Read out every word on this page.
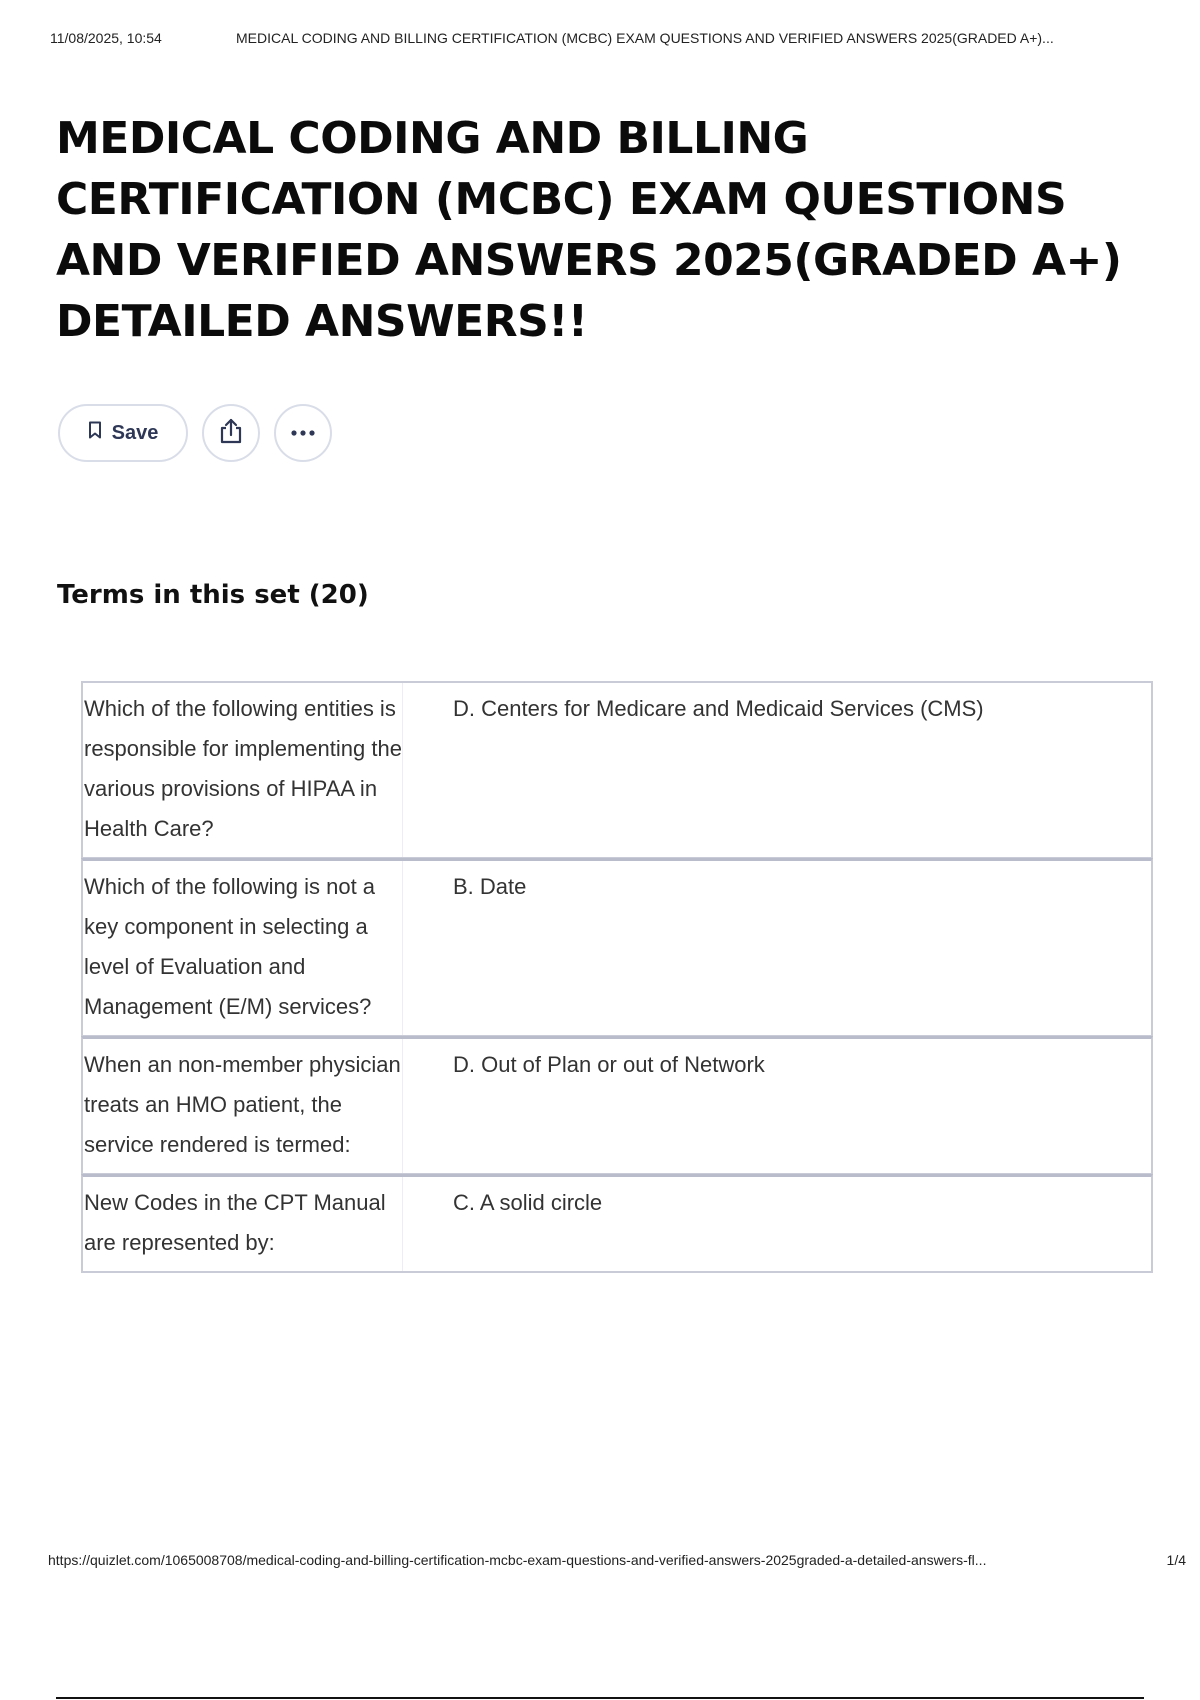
11/08/2025, 10:54	MEDICAL CODING AND BILLING CERTIFICATION (MCBC) EXAM QUESTIONS AND VERIFIED ANSWERS 2025(GRADED A+)...
MEDICAL CODING AND BILLING CERTIFICATION (MCBC) EXAM QUESTIONS AND VERIFIED ANSWERS 2025(GRADED A+) DETAILED ANSWERS!!
Save
Terms in this set (20)
Which of the following entities is responsible for implementing the various provisions of HIPAA in Health Care?
D. Centers for Medicare and Medicaid Services (CMS)
Which of the following is not a key component in selecting a level of Evaluation and Management (E/M) services?
B. Date
When an non-member physician treats an HMO patient, the service rendered is termed:
D. Out of Plan or out of Network
New Codes in the CPT Manual are represented by:
C. A solid circle
https://quizlet.com/1065008708/medical-coding-and-billing-certification-mcbc-exam-questions-and-verified-answers-2025graded-a-detailed-answers-fl...	1/4
